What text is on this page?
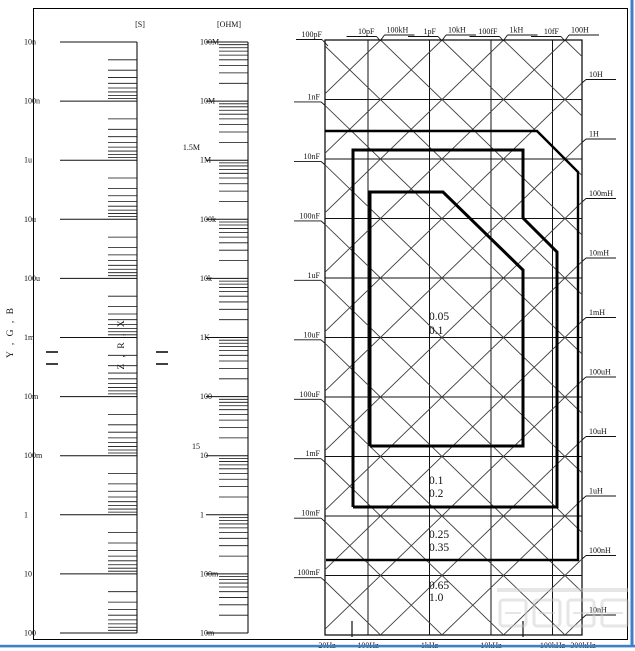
[S]
10n
100n
1u
10u
100u
1m
10m
100m
1
10
100
[OHM]
100M
10M
1M
100k
10k
1K
100
10
1
100m
10m
1.5M
15
Y , G , B	Z , R , X
100pF	10pF	1pF	100fF	10fF
100kH	10kH	1kH	100H
1nF
10nF
100nF
1uF
10uF
100uF
1mF
10mF
100mF
10H
1H
100mH
10mH
1mH
100uH
10uH
1uH
100nH
10nH
0.05
0.1
0.1
0.2
0.25
0.35
0.65
1.0
